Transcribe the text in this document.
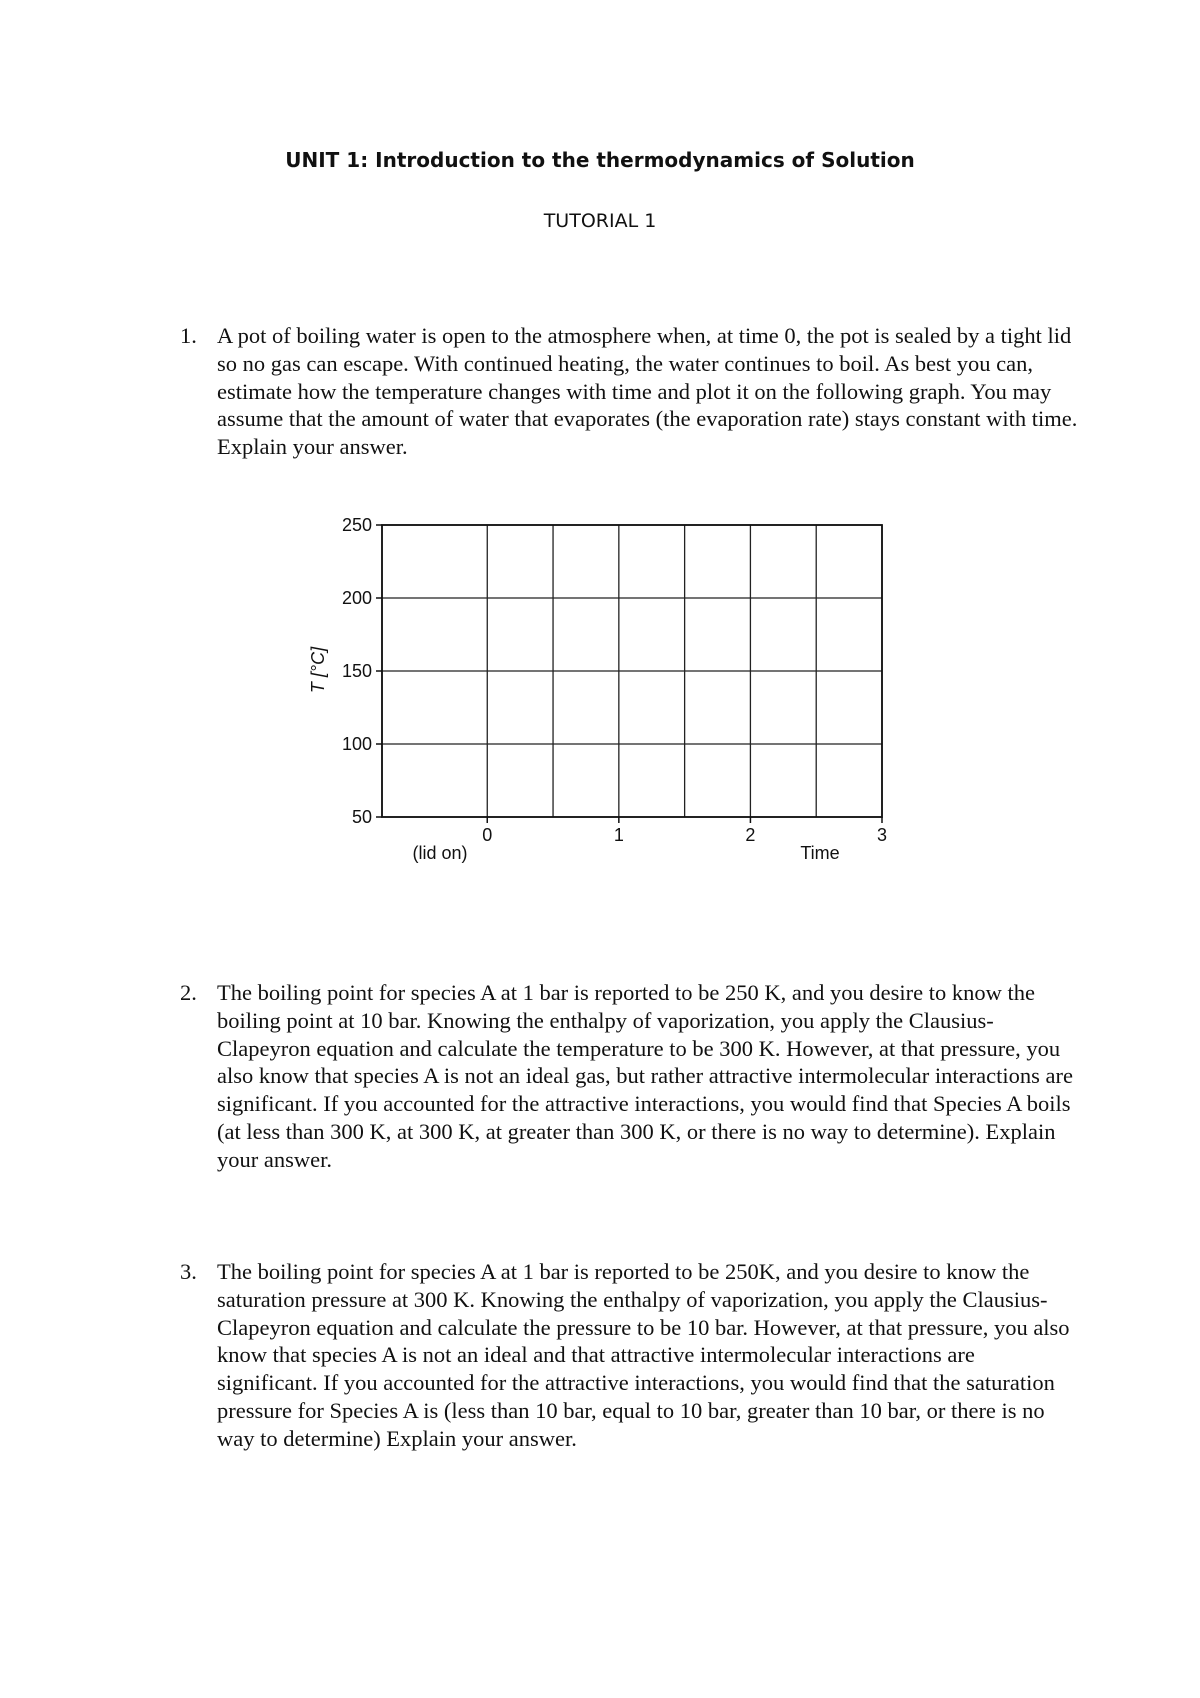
UNIT 1: Introduction to the thermodynamics of Solution
TUTORIAL 1
1. A pot of boiling water is open to the atmosphere when, at time 0, the pot is sealed by a tight lid so no gas can escape. With continued heating, the water continues to boil. As best you can, estimate how the temperature changes with time and plot it on the following graph. You may assume that the amount of water that evaporates (the evaporation rate) stays constant with time. Explain your answer.
T [°C]
Time
(lid on)
50
100
150
200
250
0	1	2	3
2. The boiling point for species A at 1 bar is reported to be 250 K, and you desire to know the boiling point at 10 bar. Knowing the enthalpy of vaporization, you apply the Clausius-Clapeyron equation and calculate the temperature to be 300 K. However, at that pressure, you also know that species A is not an ideal gas, but rather attractive intermolecular interactions are significant. If you accounted for the attractive interactions, you would find that Species A boils (at less than 300 K, at 300 K, at greater than 300 K, or there is no way to determine). Explain your answer.
3. The boiling point for species A at 1 bar is reported to be 250K, and you desire to know the saturation pressure at 300 K. Knowing the enthalpy of vaporization, you apply the Clausius-Clapeyron equation and calculate the pressure to be 10 bar. However, at that pressure, you also know that species A is not an ideal and that attractive intermolecular interactions are significant. If you accounted for the attractive interactions, you would find that the saturation pressure for Species A is (less than 10 bar, equal to 10 bar, greater than 10 bar, or there is no way to determine) Explain your answer.
